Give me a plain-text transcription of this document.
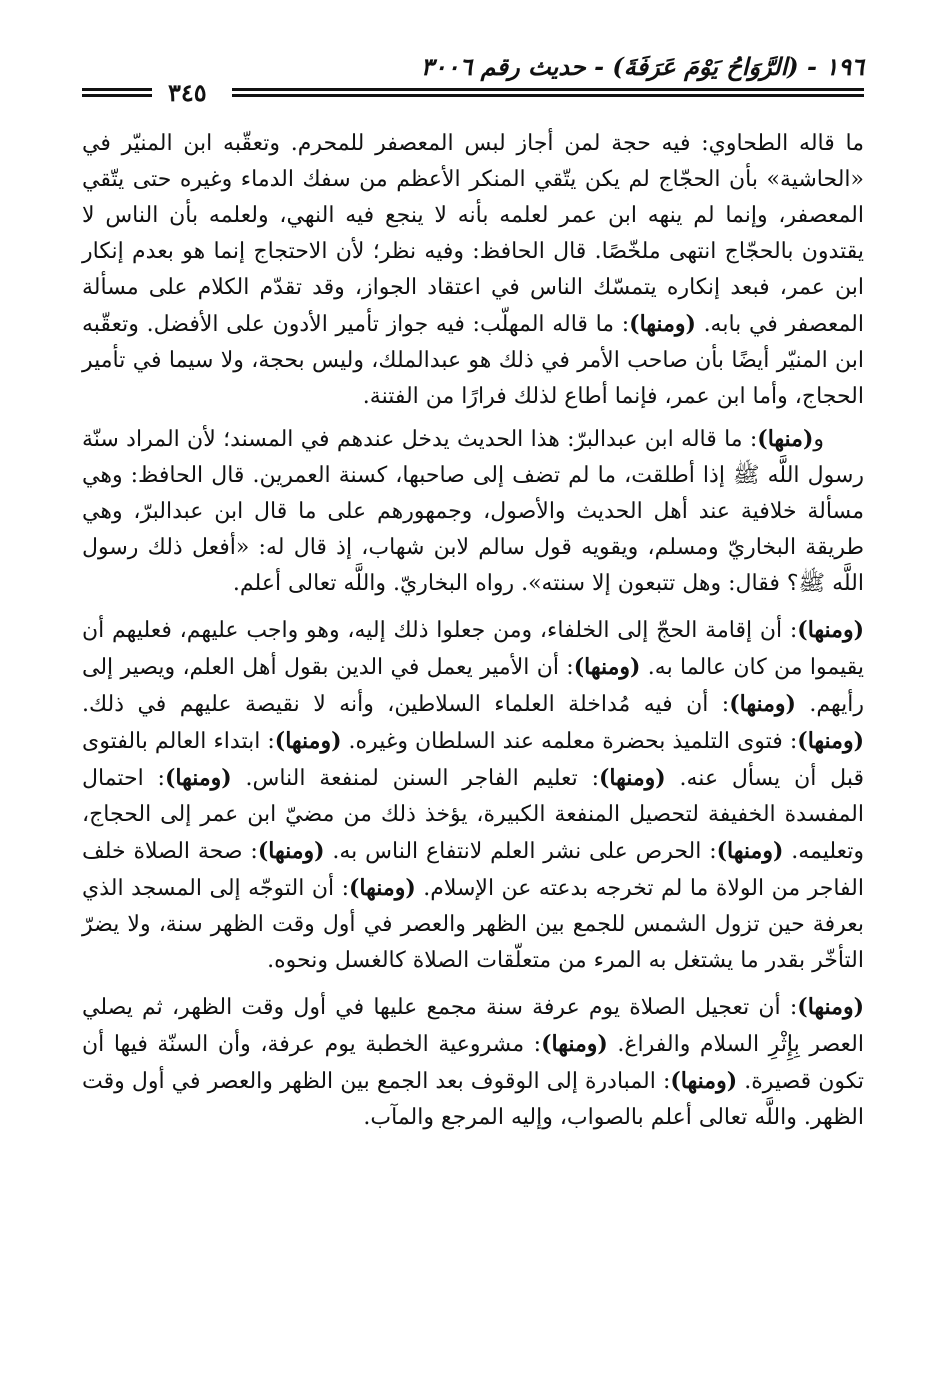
١٩٦ - (الرَّوَاحُ يَوْمَ عَرَفَةَ) - حديث رقم ٣٠٠٦
٣٤٥

ما قاله الطحاوي: فيه حجة لمن أجاز لبس المعصفر للمحرم. وتعقّبه ابن المنيّر في «الحاشية» بأن الحجّاج لم يكن يتّقي المنكر الأعظم من سفك الدماء وغيره حتى يتّقي المعصفر، وإنما لم ينهه ابن عمر لعلمه بأنه لا ينجع فيه النهي، ولعلمه بأن الناس لا يقتدون بالحجّاج انتهى ملخّصًا. قال الحافظ: وفيه نظر؛ لأن الاحتجاج إنما هو بعدم إنكار ابن عمر، فبعد إنكاره يتمسّك الناس في اعتقاد الجواز، وقد تقدّم الكلام على مسألة المعصفر في بابه. (ومنها): ما قاله المهلّب: فيه جواز تأمير الأدون على الأفضل. وتعقّبه ابن المنيّر أيضًا بأن صاحب الأمر في ذلك هو عبدالملك، وليس بحجة، ولا سيما في تأمير الحجاج، وأما ابن عمر، فإنما أطاع لذلك فرارًا من الفتنة.

و(منها): ما قاله ابن عبدالبرّ: هذا الحديث يدخل عندهم في المسند؛ لأن المراد سنّة رسول اللَّه ﷺ إذا أطلقت، ما لم تضف إلى صاحبها، كسنة العمرين. قال الحافظ: وهي مسألة خلافية عند أهل الحديث والأصول، وجمهورهم على ما قال ابن عبدالبرّ، وهي طريقة البخاريّ ومسلم، ويقويه قول سالم لابن شهاب، إذ قال له: «أفعل ذلك رسول اللَّه ﷺ؟ فقال: وهل تتبعون إلا سنته». رواه البخاريّ. واللَّه تعالى أعلم.

(ومنها): أن إقامة الحجّ إلى الخلفاء، ومن جعلوا ذلك إليه، وهو واجب عليهم، فعليهم أن يقيموا من كان عالما به. (ومنها): أن الأمير يعمل في الدين بقول أهل العلم، ويصير إلى رأيهم. (ومنها): أن فيه مُداخلة العلماء السلاطين، وأنه لا نقيصة عليهم في ذلك. (ومنها): فتوى التلميذ بحضرة معلمه عند السلطان وغيره. (ومنها): ابتداء العالم بالفتوى قبل أن يسأل عنه. (ومنها): تعليم الفاجر السنن لمنفعة الناس. (ومنها): احتمال المفسدة الخفيفة لتحصيل المنفعة الكبيرة، يؤخذ ذلك من مضيّ ابن عمر إلى الحجاج، وتعليمه. (ومنها): الحرص على نشر العلم لانتفاع الناس به. (ومنها): صحة الصلاة خلف الفاجر من الولاة ما لم تخرجه بدعته عن الإسلام. (ومنها): أن التوجّه إلى المسجد الذي بعرفة حين تزول الشمس للجمع بين الظهر والعصر في أول وقت الظهر سنة، ولا يضرّ التأخّر بقدر ما يشتغل به المرء من متعلّقات الصلاة كالغسل ونحوه.

(ومنها): أن تعجيل الصلاة يوم عرفة سنة مجمع عليها في أول وقت الظهر، ثم يصلي العصر بِإِثْرِ السلام والفراغ. (ومنها): مشروعية الخطبة يوم عرفة، وأن السنّة فيها أن تكون قصيرة. (ومنها): المبادرة إلى الوقوف بعد الجمع بين الظهر والعصر في أول وقت الظهر. واللَّه تعالى أعلم بالصواب، وإليه المرجع والمآب.
